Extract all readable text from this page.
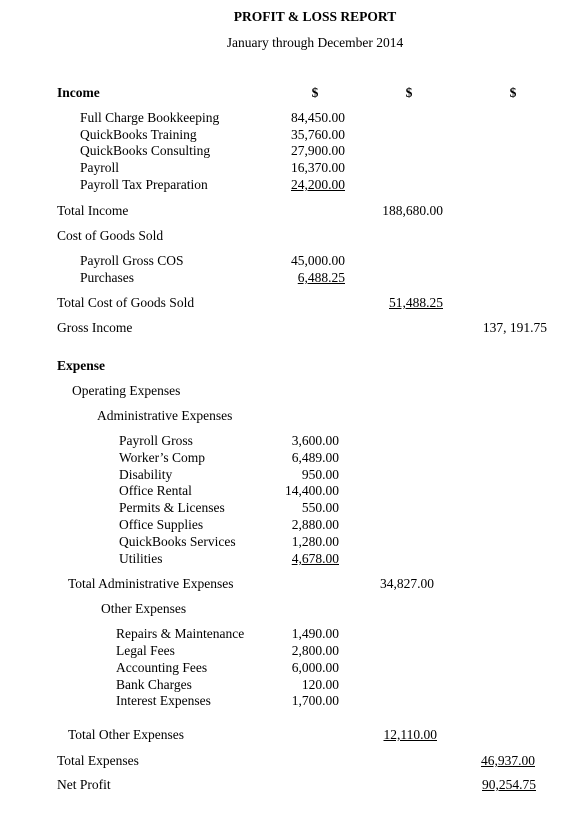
PROFIT & LOSS REPORT
January through December 2014
Income	$	$	$
Full Charge Bookkeeping	84,450.00
QuickBooks Training	35,760.00
QuickBooks Consulting	27,900.00
Payroll	16,370.00
Payroll Tax Preparation	24,200.00
Total Income	188,680.00
Cost of Goods Sold
Payroll Gross COS	45,000.00
Purchases	6,488.25
Total Cost of Goods Sold	51,488.25
Gross Income	137, 191.75
Expense
Operating Expenses
Administrative Expenses
Payroll Gross	3,600.00
Worker’s Comp	6,489.00
Disability	950.00
Office Rental	14,400.00
Permits & Licenses	550.00
Office Supplies	2,880.00
QuickBooks Services	1,280.00
Utilities	4,678.00
Total Administrative Expenses	34,827.00
Other Expenses
Repairs & Maintenance	1,490.00
Legal Fees	2,800.00
Accounting Fees	6,000.00
Bank Charges	120.00
Interest Expenses	1,700.00
Total Other Expenses	12,110.00
Total Expenses	46,937.00
Net Profit	90,254.75
